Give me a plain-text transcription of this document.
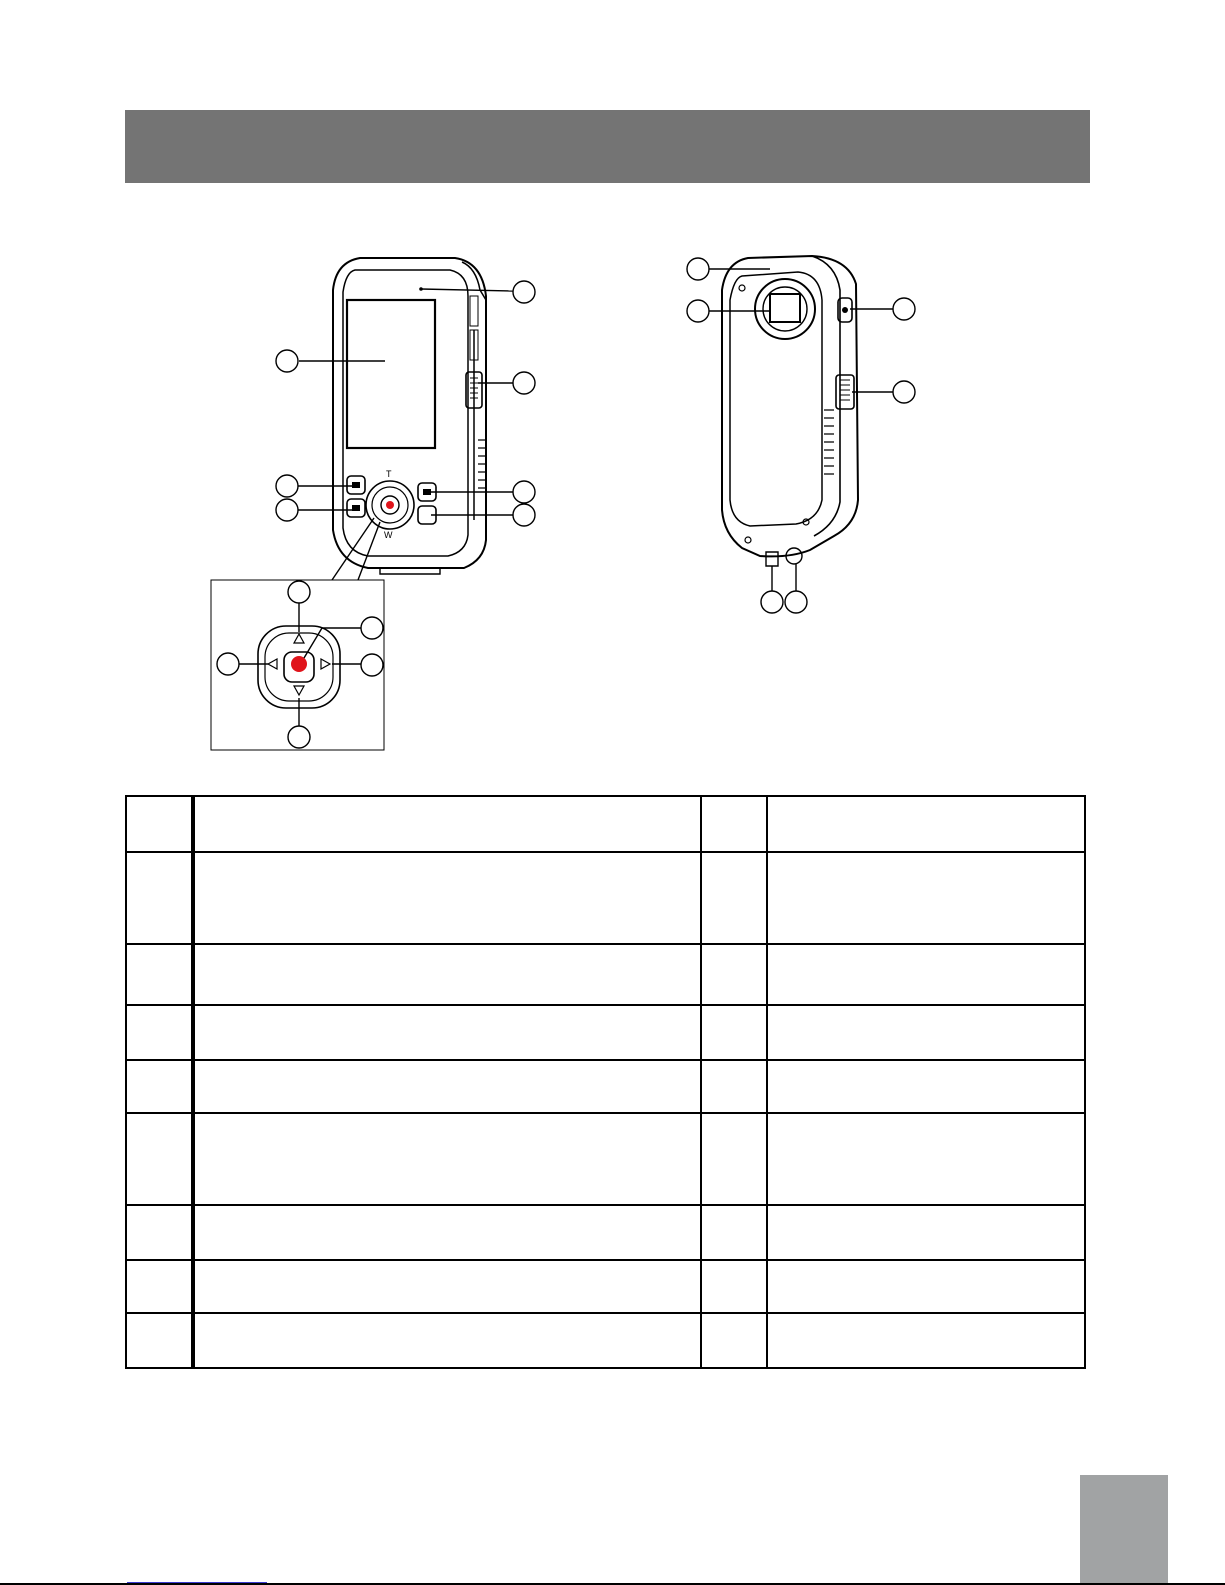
T
W
